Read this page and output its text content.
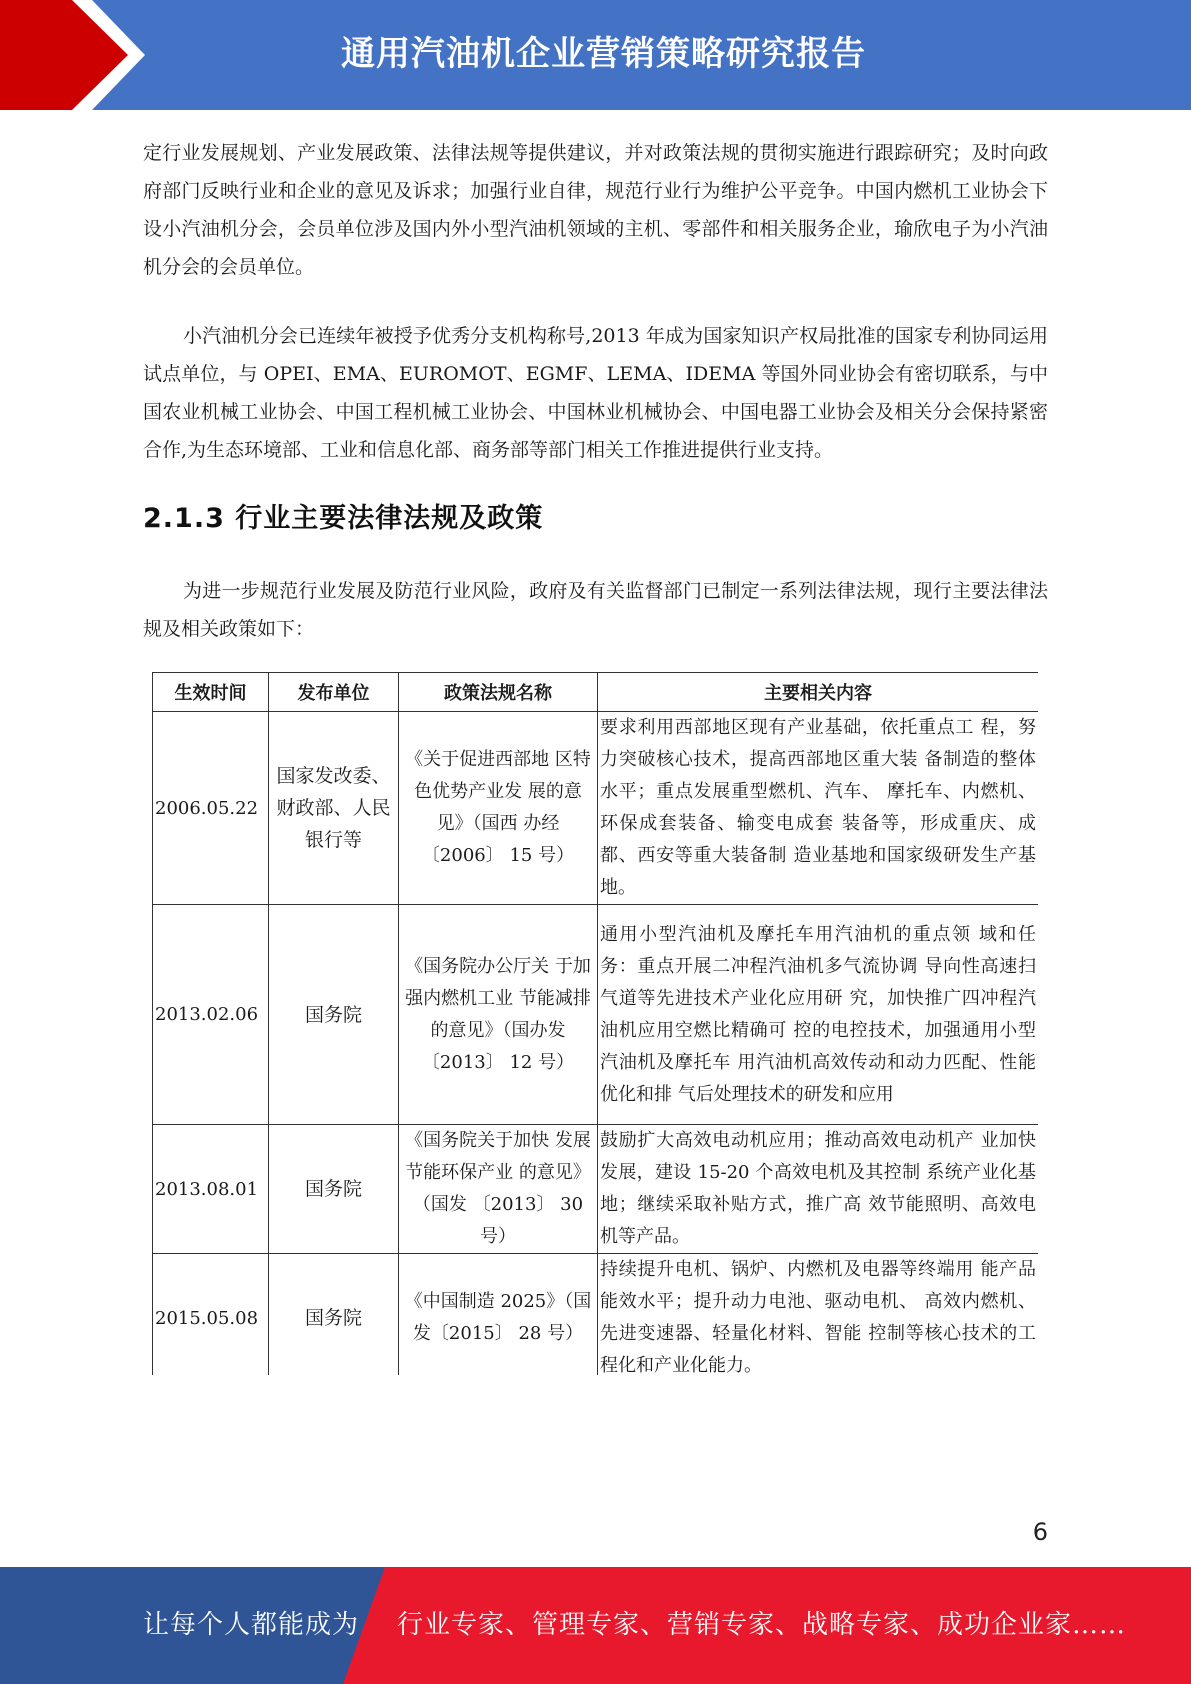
通用汽油机企业营销策略研究报告

定行业发展规划、产业发展政策、法律法规等提供建议，并对政策法规的贯彻实施进行跟踪研究；及时向政府部门反映行业和企业的意见及诉求；加强行业自律，规范行业行为维护公平竞争。中国内燃机工业协会下设小汽油机分会，会员单位涉及国内外小型汽油机领域的主机、零部件和相关服务企业，瑜欣电子为小汽油机分会的会员单位。

小汽油机分会已连续年被授予优秀分支机构称号,2013 年成为国家知识产权局批准的国家专利协同运用试点单位，与 OPEI、EMA、EUROMOT、EGMF、LEMA、IDEMA 等国外同业协会有密切联系，与中国农业机械工业协会、中国工程机械工业协会、中国林业机械协会、中国电器工业协会及相关分会保持紧密合作,为生态环境部、工业和信息化部、商务部等部门相关工作推进提供行业支持。

2.1.3 行业主要法律法规及政策

为进一步规范行业发展及防范行业风险，政府及有关监督部门已制定一系列法律法规，现行主要法律法规及相关政策如下：

生效时间	发布单位	政策法规名称	主要相关内容
2006.05.22	国家发改委、财政部、人民银行等	《关于促进西部地 区特色优势产业发 展的意见》（国西 办经〔2006〕 15 号）	要求利用西部地区现有产业基础，依托重点工 程，努力突破核心技术，提高西部地区重大装 备制造的整体水平；重点发展重型燃机、汽车、 摩托车、内燃机、环保成套装备、输变电成套 装备等，形成重庆、成都、西安等重大装备制 造业基地和国家级研发生产基地。
2013.02.06	国务院	《国务院办公厅关 于加强内燃机工业 节能减排的意见》（国办发〔2013〕 12 号）	通用小型汽油机及摩托车用汽油机的重点领 域和任务：重点开展二冲程汽油机多气流协调 导向性高速扫气道等先进技术产业化应用研 究，加快推广四冲程汽油机应用空燃比精确可 控的电控技术，加强通用小型汽油机及摩托车 用汽油机高效传动和动力匹配、性能优化和排 气后处理技术的研发和应用
2013.08.01	国务院	《国务院关于加快 发展节能环保产业 的意见》（国发 〔2013〕 30 号）	鼓励扩大高效电动机应用；推动高效电动机产 业加快发展，建设 15-20 个高效电机及其控制 系统产业化基地；继续采取补贴方式，推广高 效节能照明、高效电机等产品。
2015.05.08	国务院	《中国制造 2025》（国发〔2015〕 28 号）	持续提升电机、锅炉、内燃机及电器等终端用 能产品能效水平；提升动力电池、驱动电机、 高效内燃机、先进变速器、轻量化材料、智能 控制等核心技术的工程化和产业化能力。
6
让每个人都能成为 行业专家、管理专家、营销专家、战略专家、成功企业家……
